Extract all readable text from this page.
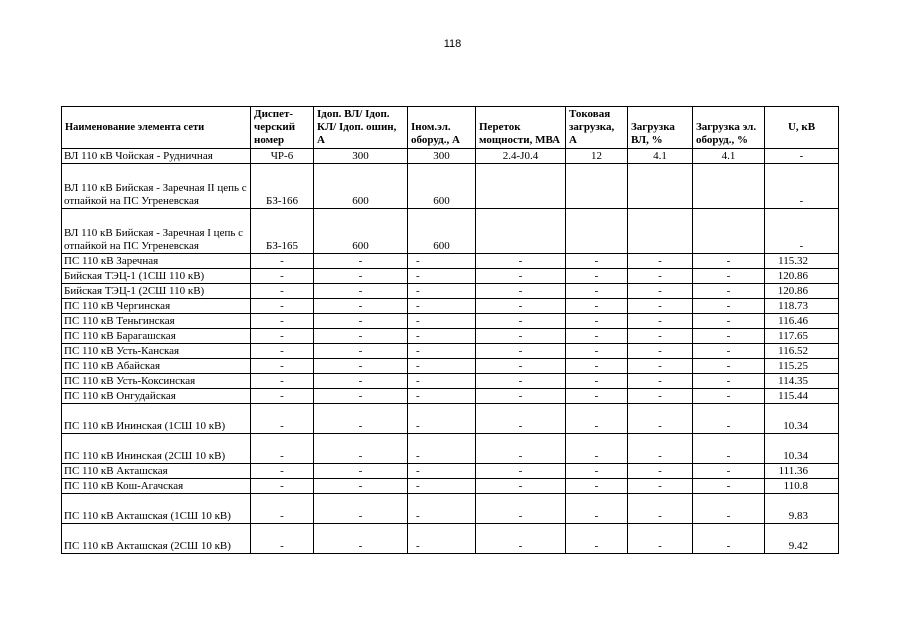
118
Наименование элемента сети	Диспет-черский номер	Iдоп. ВЛ/ Iдоп. КЛ/ Iдоп. ошин, А	Iном.эл. оборуд., А	Переток мощности, МВА	Токовая загрузка, А	Загрузка ВЛ, %	Загрузка эл. оборуд., %	U, кВ
ВЛ 110 кВ Чойская - Рудничная	ЧР-6	300	300	2.4-J0.4	12	4.1	4.1	-
ВЛ 110 кВ Бийская - Заречная II цепь с отпайкой на ПС Угреневская	БЗ-166	600	600					-
ВЛ 110 кВ Бийская - Заречная I цепь с отпайкой на ПС Угреневская	БЗ-165	600	600					-
ПС 110 кВ Заречная	-	-	-	-	-	-	-	115.32
Бийская ТЭЦ-1 (1СШ 110 кВ)	-	-	-	-	-	-	-	120.86
Бийская ТЭЦ-1 (2СШ 110 кВ)	-	-	-	-	-	-	-	120.86
ПС 110 кВ Чергинская	-	-	-	-	-	-	-	118.73
ПС 110 кВ Теньгинская	-	-	-	-	-	-	-	116.46
ПС 110 кВ Барагашская	-	-	-	-	-	-	-	117.65
ПС 110 кВ Усть-Канская	-	-	-	-	-	-	-	116.52
ПС 110 кВ Абайская	-	-	-	-	-	-	-	115.25
ПС 110 кВ Усть-Коксинская	-	-	-	-	-	-	-	114.35
ПС 110 кВ Онгудайская	-	-	-	-	-	-	-	115.44
ПС 110 кВ Ининская (1СШ 10 кВ)	-	-	-	-	-	-	-	10.34
ПС 110 кВ Ининская (2СШ 10 кВ)	-	-	-	-	-	-	-	10.34
ПС 110 кВ Акташская	-	-	-	-	-	-	-	111.36
ПС 110 кВ Кош-Агачская	-	-	-	-	-	-	-	110.8
ПС 110 кВ Акташская (1СШ 10 кВ)	-	-	-	-	-	-	-	9.83
ПС 110 кВ Акташская (2СШ 10 кВ)	-	-	-	-	-	-	-	9.42
